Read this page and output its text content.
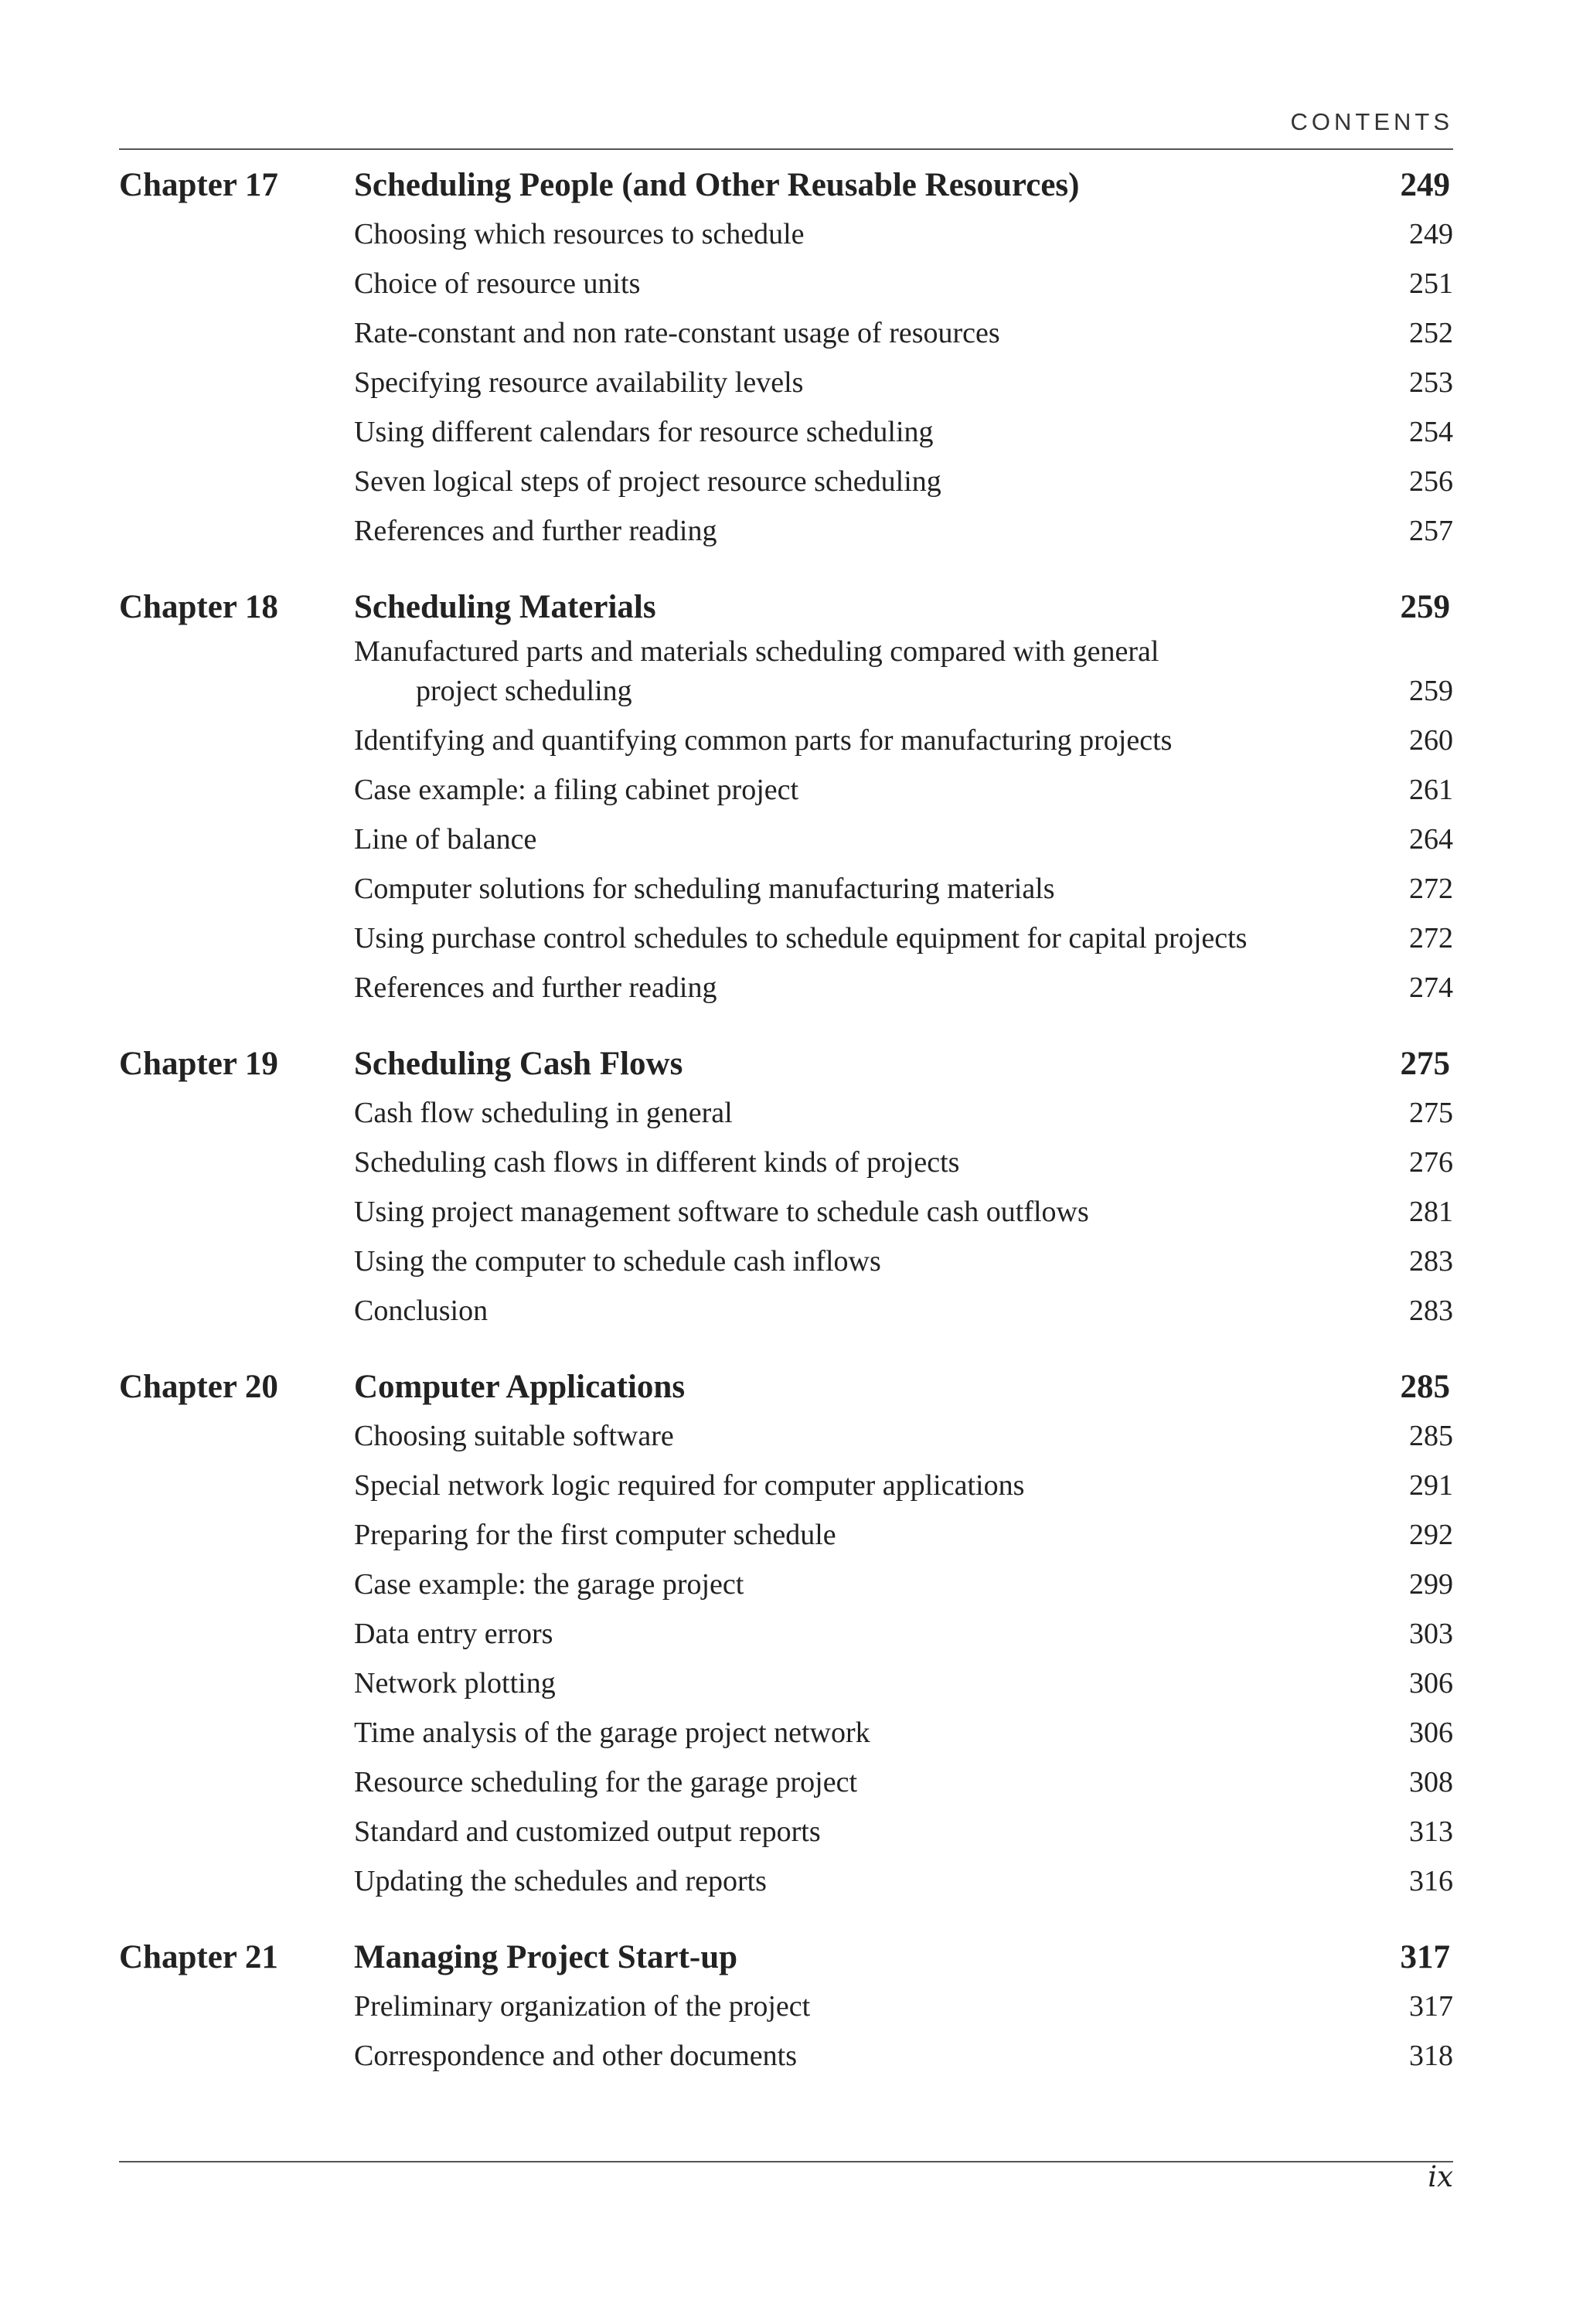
CONTENTS
Chapter 17	Scheduling People (and Other Reusable Resources)	249
Choosing which resources to schedule	249
Choice of resource units	251
Rate-constant and non rate-constant usage of resources	252
Specifying resource availability levels	253
Using different calendars for resource scheduling	254
Seven logical steps of project resource scheduling	256
References and further reading	257
Chapter 18	Scheduling Materials	259
Manufactured parts and materials scheduling compared with general
project scheduling	259
Identifying and quantifying common parts for manufacturing projects	260
Case example: a filing cabinet project	261
Line of balance	264
Computer solutions for scheduling manufacturing materials	272
Using purchase control schedules to schedule equipment for capital projects	272
References and further reading	274
Chapter 19	Scheduling Cash Flows	275
Cash flow scheduling in general	275
Scheduling cash flows in different kinds of projects	276
Using project management software to schedule cash outflows	281
Using the computer to schedule cash inflows	283
Conclusion	283
Chapter 20	Computer Applications	285
Choosing suitable software	285
Special network logic required for computer applications	291
Preparing for the first computer schedule	292
Case example: the garage project	299
Data entry errors	303
Network plotting	306
Time analysis of the garage project network	306
Resource scheduling for the garage project	308
Standard and customized output reports	313
Updating the schedules and reports	316
Chapter 21	Managing Project Start-up	317
Preliminary organization of the project	317
Correspondence and other documents	318
ix
